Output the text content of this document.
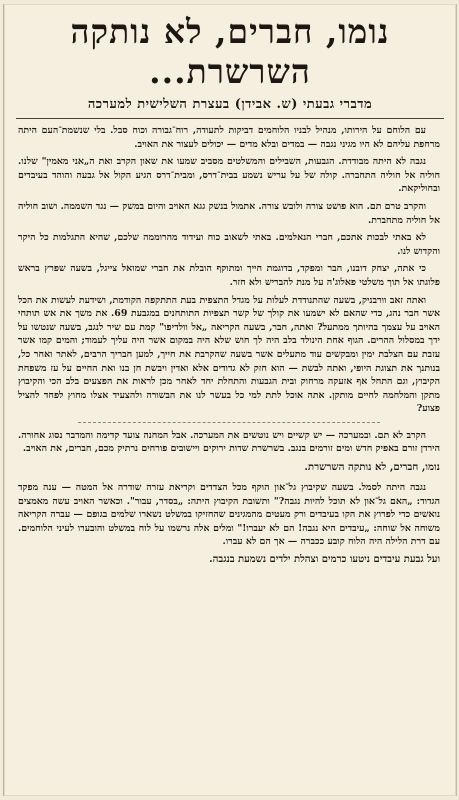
נומו, חברים, לא נותקה
השרשרת...
מדברי גבעתי (ש. אבידן) בעצרת השלישית למערכה

עם הלוחם על הירותו, מנהיל לבניו הלוחמים דביקות לתעודה, רוח־גבורה וכוח סבל. בלי שנשמת־העם היתה מרחפת עליהם לא היו מגיני נגבה — במדים ובלא מדים — יכולים לעצור את האויב.

נגבה לא היתה מבודדת. הגבעות, השבילים והמשלטים מסביב שמעו את שאון הקרב ואת ה„אני מאמין" שלנו. חוליה אל חוליה התחברה. קולה של על עריש נשמע בבית־דרס, ומבית־דרס הגיע הקול אל גבעה והוהד בעיבדים ובחוליקאת.

והקרב טרם תם. הוא פושט צורה ולובש צורה. אתמול בנשק גגא האויב והיום במשק — נגד השממה. ושוב חוליה אל חוליה מתחברת.

לא באתי לבכות אתכם, חברי הנאלמים. באתי לשאוב כוח ועידוד מהרוממה שלכם, שהיא התגלמות כל היקר והקדוש לנו.

כי אתה, יצחק דובנו, חבר ומפקד, בדוגמת חייך ומתוקף הובלת את חברי שמואל צייגל, בשעה שפרץ בראש פלוגתו אל תוך משלטי פאלוג'ה על מנת להבריש ולא חזר.

ואתה זאב וורבניק, בשעה שהתנודדת לעלות על מגדל התצפית בעת התתקפה הקודמת, ושידעת לעשות את הכל אשר חבר נהג, כדי שהאם לא ישמעו את קולך של קשר תצפיות התותחנים במגבעת 69. את משך את אש תותחי האויב על עצמך בהיותך ממתעל? ואתה, חבר, בשעה הקריאה „אל וולדיפו" קמת עם שיר לנגב, בשעה שנטשו על ידך במסלול ההרים. הגוף אחת הינולד בלב היה לך חוש שלא היה במקום אשר היה עליך לעמוד; והמים קמו אשר עזבת עם הצלבת ימין ומבקשים עוד מתעלים אשר בשעה שהקרבת את חייך, למען חבריך הרבים, לאתר ואחר כל, בנותנך את תצוגת היופי, ואתה לבשת — הוא חזק לא גדודים אלא ואדין ויבשת חן בנו ואת החיים על עז משפחת הקיבוץ, וגם התחל אף אזעקה מרחוק ובית הגבעות והתחלת יחד לאחר מכן לראות את הפצעים בלב הכי והקיבוץ מתקן והמלחמה לחיים מותקן. אתה אוכל לתת למי כל בעשר לנו את הבשורה ולהצעיד אצלו מחוץ לפחד להציל פצוע?

הקרב לא תם. ובמערכה — יש קשיים ויש נוטשים את המערכה. אבל המחנה צועד קדימה והמדבר נסוג אחורה. הירדן זורם באפיק חדש ומים זורמים בנגב. בשרשרת שדות ירוקים ויישובים פורחים נרתיק מכם, חברים, את האויב.

נומו, חברים, לא נותקה השרשרת.

נגבה היתה לסמל. בשעה שקיבוץ גל־און הוקף מכל הצדדים וקריאת עזרה שודרה אל המטה — ענה מפקד הגדוד: „האם גל־און לא תוכל להיות נגבה?" ותשובת הקיבוץ היתה: „בסדר, עבור". וכאשר האויב עשה מאמצים נואשים כדי לפרוץ את הקו בעיבדים ורק מעטים מהמגינים שהחזיקו במשלט נשארו שלמים בגופם — עברה הקריאה משוחה אל שוחה: „עיבדים היא נגבה! הם לא יעברו!" ומלים אלה נרשמו על לוח במשלט והובערו לעיני הלוחמים. עם דרת הלילה היה הלוח קובע ככברה — אך הם לא עברו.

ועל גבעת עיבדים ניטעו כרמים וצהלת ילדים נשמעת בנגבה.
